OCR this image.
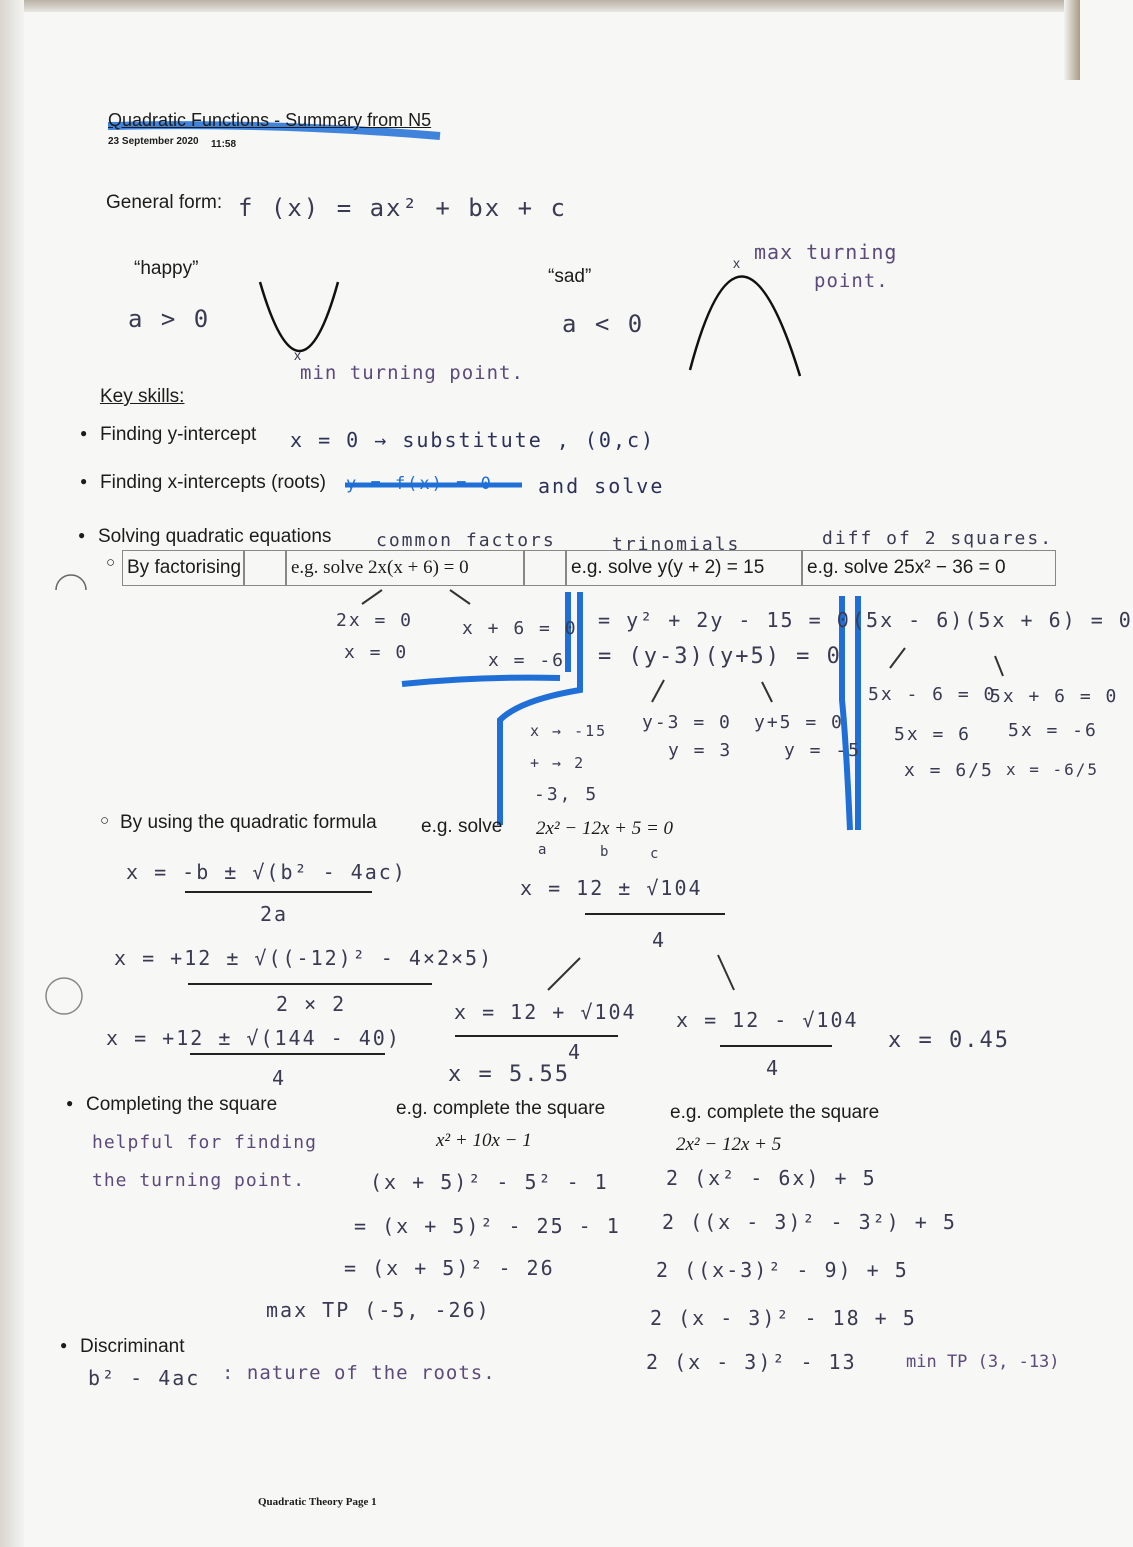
x
x
Quadratic Functions - Summary from N5
23 September 2020 11:58
General form: f (x) = ax² + bx + c
“happy”
a > 0
min turning point.
“sad”
a < 0
max turning
point.
Key skills:
● Finding y-intercept x = 0 → substitute , (0,c)
● Finding x-intercepts (roots) y = f(x) = 0 and solve
● Solving quadratic equations common factors	trinomials	diff of 2 squares.
By factorising	e.g. solve 2x(x + 6) = 0	e.g. solve y(y + 2) = 15	e.g. solve 25x² − 36 = 0
2x = 0
x = 0
x + 6 = 0
x = -6
= y² + 2y - 15 = 0
= (y-3)(y+5) = 0
y-3 = 0
y = 3
y+5 = 0
y = -5
x → -15
+ → 2
-3, 5
(5x - 6)(5x + 6) = 0
5x - 6 = 0
5x = 6
x = 6/5
5x + 6 = 0
5x = -6
x = -6/5
○ By using the quadratic formula e.g. solve 2x² − 12x + 5 = 0
a	b	c
x = -b ± √(b² - 4ac)
2a
x = 12 ± √104
4
x = +12 ± √((-12)² - 4×2×5)
2 × 2	x = 12 + √104
4
x = 12 - √104
4
x = 0.45
x = +12 ± √(144 - 40)
4	x = 5.55
● Completing the square
helpful for finding
the turning point.
e.g. complete the square
x² + 10x − 1
(x + 5)² - 5² - 1
= (x + 5)² - 25 - 1
= (x + 5)² - 26
max TP (-5, -26)
e.g. complete the square
2x² − 12x + 5
2 (x² - 6x) + 5
2 ((x - 3)² - 3²) + 5
2 ((x-3)² - 9) + 5
2 (x - 3)² - 18 + 5
2 (x - 3)² - 13	min TP (3, -13)
● Discriminant
b² - 4ac : nature of the roots.
Quadratic Theory Page 1
